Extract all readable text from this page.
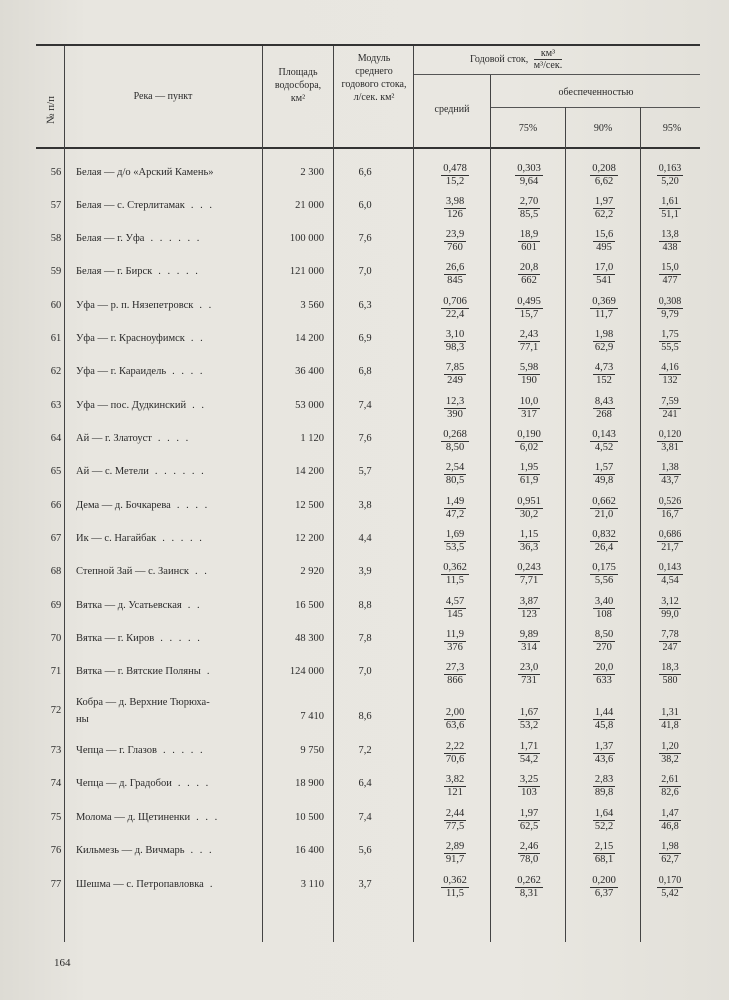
№ п/п	Река — пункт
Площадь водосбора, км²
Модуль среднего годового стока, л/сек. км²
Годовой сток,
км³
м³/сек.
средний
обеспеченностью
75%	90%	95%
56	Белая — д/о «Арский Камень»	2 300	6,6	$\frac{0,478}{15,2} \frac{0,303}{9,64} \frac{0,208}{6,62} \frac{0,163}{5,20}$
57	Белая — с. Стерлитамак . . .	21 000	6,0	$\frac{3,98}{126} \frac{2,70}{85,5} \frac{1,97}{62,2} \frac{1,61}{51,1}$
58	Белая — г. Уфа . . . . . .	100 000	7,6	$\frac{23,9}{760} \frac{18,9}{601} \frac{15,6}{495} \frac{13,8}{438}$
59	Белая — г. Бирск . . . . .	121 000	7,0	$\frac{26,6}{845} \frac{20,8}{662} \frac{17,0}{541} \frac{15,0}{477}$
60	Уфа — р. п. Нязепетровск . .	3 560	6,3	$\frac{0,706}{22,4} \frac{0,495}{15,7} \frac{0,369}{11,7} \frac{0,308}{9,79}$
61	Уфа — г. Красноуфимск . .	14 200	6,9	$\frac{3,10}{98,3} \frac{2,43}{77,1} \frac{1,98}{62,9} \frac{1,75}{55,5}$
62	Уфа — г. Караидель . . . .	36 400	6,8	$\frac{7,85}{249} \frac{5,98}{190} \frac{4,73}{152} \frac{4,16}{132}$
63	Уфа — пос. Дудкинский . .	53 000	7,4	$\frac{12,3}{390} \frac{10,0}{317} \frac{8,43}{268} \frac{7,59}{241}$
64	Ай — г. Златоуст . . . .	1 120	7,6	$\frac{0,268}{8,50} \frac{0,190}{6,02} \frac{0,143}{4,52} \frac{0,120}{3,81}$
65	Ай — с. Метели . . . . . .	14 200	5,7	$\frac{2,54}{80,5} \frac{1,95}{61,9} \frac{1,57}{49,8} \frac{1,38}{43,7}$
66	Дема — д. Бочкарева . . . .	12 500	3,8	$\frac{1,49}{47,2} \frac{0,951}{30,2} \frac{0,662}{21,0} \frac{0,526}{16,7}$
67	Ик — с. Нагайбак . . . . .	12 200	4,4	$\frac{1,69}{53,5} \frac{1,15}{36,3} \frac{0,832}{26,4} \frac{0,686}{21,7}$
68	Степной Зай — с. Заинск . .	2 920	3,9	$\frac{0,362}{11,5} \frac{0,243}{7,71} \frac{0,175}{5,56} \frac{0,143}{4,54}$
69	Вятка — д. Усатьевская . .	16 500	8,8	$\frac{4,57}{145} \frac{3,87}{123} \frac{3,40}{108} \frac{3,12}{99,0}$
70	Вятка — г. Киров . . . . .	48 300	7,8	$\frac{11,9}{376} \frac{9,89}{314} \frac{8,50}{270} \frac{7,78}{247}$
71	Вятка — г. Вятские Поляны .	124 000	7,0	$\frac{27,3}{866} \frac{23,0}{731} \frac{20,0}{633} \frac{18,3}{580}$
72
Кобра — д. Верхние Тюрюха-
ны	7 410	8,6	$\frac{2,00}{63,6} \frac{1,67}{53,2} \frac{1,44}{45,8} \frac{1,31}{41,8}$
73	Чепца — г. Глазов . . . . .	9 750	7,2	$\frac{2,22}{70,6} \frac{1,71}{54,2} \frac{1,37}{43,6} \frac{1,20}{38,2}$
74	Чепца — д. Градобои . . . .	18 900	6,4	$\frac{3,82}{121} \frac{3,25}{103} \frac{2,83}{89,8} \frac{2,61}{82,6}$
75	Молома — д. Щетиненки . . .	10 500	7,4	$\frac{2,44}{77,5} \frac{1,97}{62,5} \frac{1,64}{52,2} \frac{1,47}{46,8}$
76	Кильмезь — д. Вичмарь . . .	16 400	5,6	$\frac{2,89}{91,7} \frac{2,46}{78,0} \frac{2,15}{68,1} \frac{1,98}{62,7}$
77	Шешма — с. Петропавловка .	3 110	3,7	$\frac{0,362}{11,5} \frac{0,262}{8,31} \frac{0,200}{6,37} \frac{0,170}{5,42}$
164
